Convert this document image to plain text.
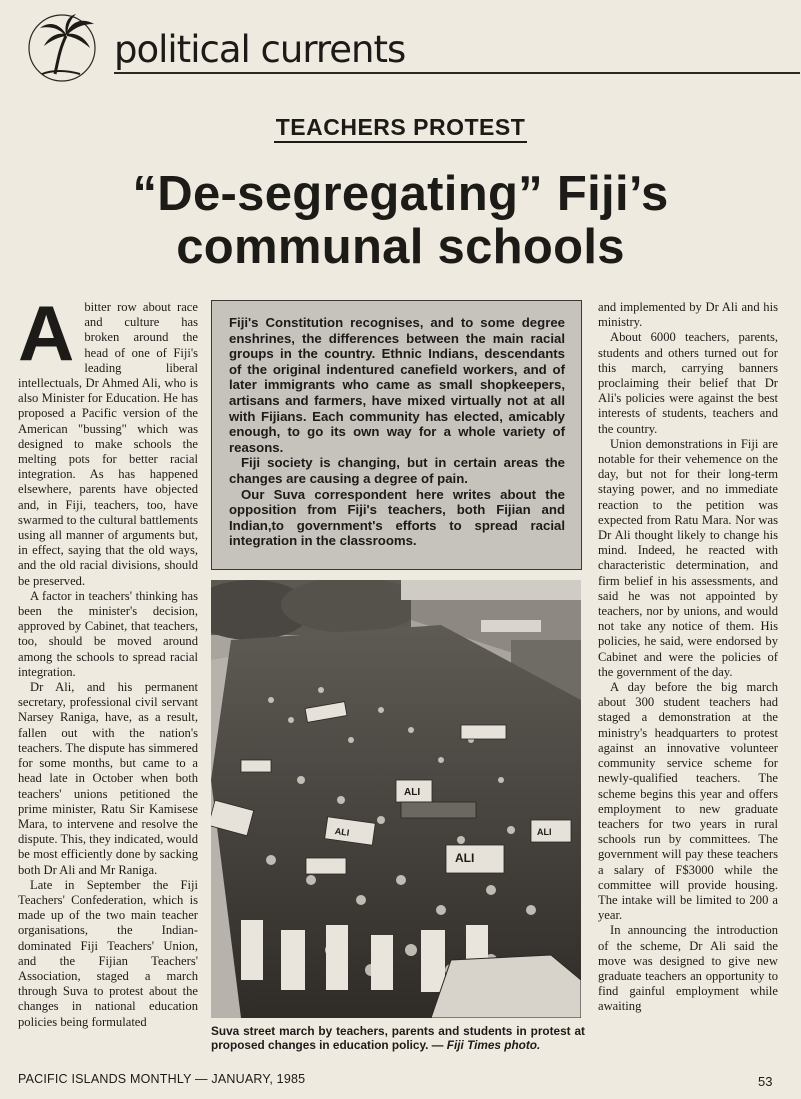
political currents
TEACHERS PROTEST
“De-segregating” Fiji’s
communal schools

Abitter row about race and culture has broken around the head of one of Fiji's leading liberal intellectuals, Dr Ahmed Ali, who is also Minister for Education. He has proposed a Pacific version of the American "bussing" which was designed to make schools the melting pots for better racial integration. As has happened elsewhere, parents have objected and, in Fiji, teachers, too, have swarmed to the cultural battlements using all manner of arguments but, in effect, saying that the old ways, and the old racial divisions, should be preserved.

A factor in teachers' thinking has been the minister's decision, approved by Cabinet, that teachers, too, should be moved around among the schools to spread racial integration.

Dr Ali, and his permanent secretary, professional civil servant Narsey Raniga, have, as a result, fallen out with the nation's teachers. The dispute has simmered for some months, but came to a head late in October when both teachers' unions petitioned the prime minister, Ratu Sir Kamisese Mara, to intervene and resolve the dispute. This, they indicated, would be most efficiently done by sacking both Dr Ali and Mr Raniga.

Late in September the Fiji Teachers' Confederation, which is made up of the two main teacher organisations, the Indian-dominated Fiji Teachers' Union, and the Fijian Teachers' Association, staged a march through Suva to protest about the changes in national education policies being formulated

Fiji's Constitution recognises, and to some degree enshrines, the differences between the main racial groups in the country. Ethnic Indians, descendants of the original indentured canefield workers, and of later immigrants who came as small shopkeepers, artisans and farmers, have mixed virtually not at all with Fijians. Each community has elected, amicably enough, to go its own way for a whole variety of reasons.

Fiji society is changing, but in certain areas the changes are causing a degree of pain.

Our Suva correspondent here writes about the opposition from Fiji's teachers, both Fijian and Indian,to government's efforts to spread racial integration in the classrooms.

ALI
ALI
ALI	ALI
Suva street march by teachers, parents and students in protest at proposed changes in education policy. — Fiji Times photo.

and implemented by Dr Ali and his ministry.

About 6000 teachers, parents, students and others turned out for this march, carrying banners proclaiming their belief that Dr Ali's policies were against the best interests of students, teachers and the country.

Union demonstrations in Fiji are notable for their vehemence on the day, but not for their long-term staying power, and no immediate reaction to the petition was expected from Ratu Mara. Nor was Dr Ali thought likely to change his mind. Indeed, he reacted with characteristic determination, and firm belief in his assessments, and said he was not appointed by teachers, nor by unions, and would not take any notice of them. His policies, he said, were endorsed by Cabinet and were the policies of the government of the day.

A day before the big march about 300 student teachers had staged a demonstration at the ministry's headquarters to protest against an innovative volunteer community service scheme for newly-qualified teachers. The scheme begins this year and offers employment to new graduate teachers for two years in rural schools run by committees. The government will pay these teachers a salary of F$3000 while the committee will provide housing. The intake will be limited to 200 a year.

In announcing the introduction of the scheme, Dr Ali said the move was designed to give new graduate teachers an opportunity to find gainful employment while awaiting

PACIFIC ISLANDS MONTHLY — JANUARY, 1985	53
